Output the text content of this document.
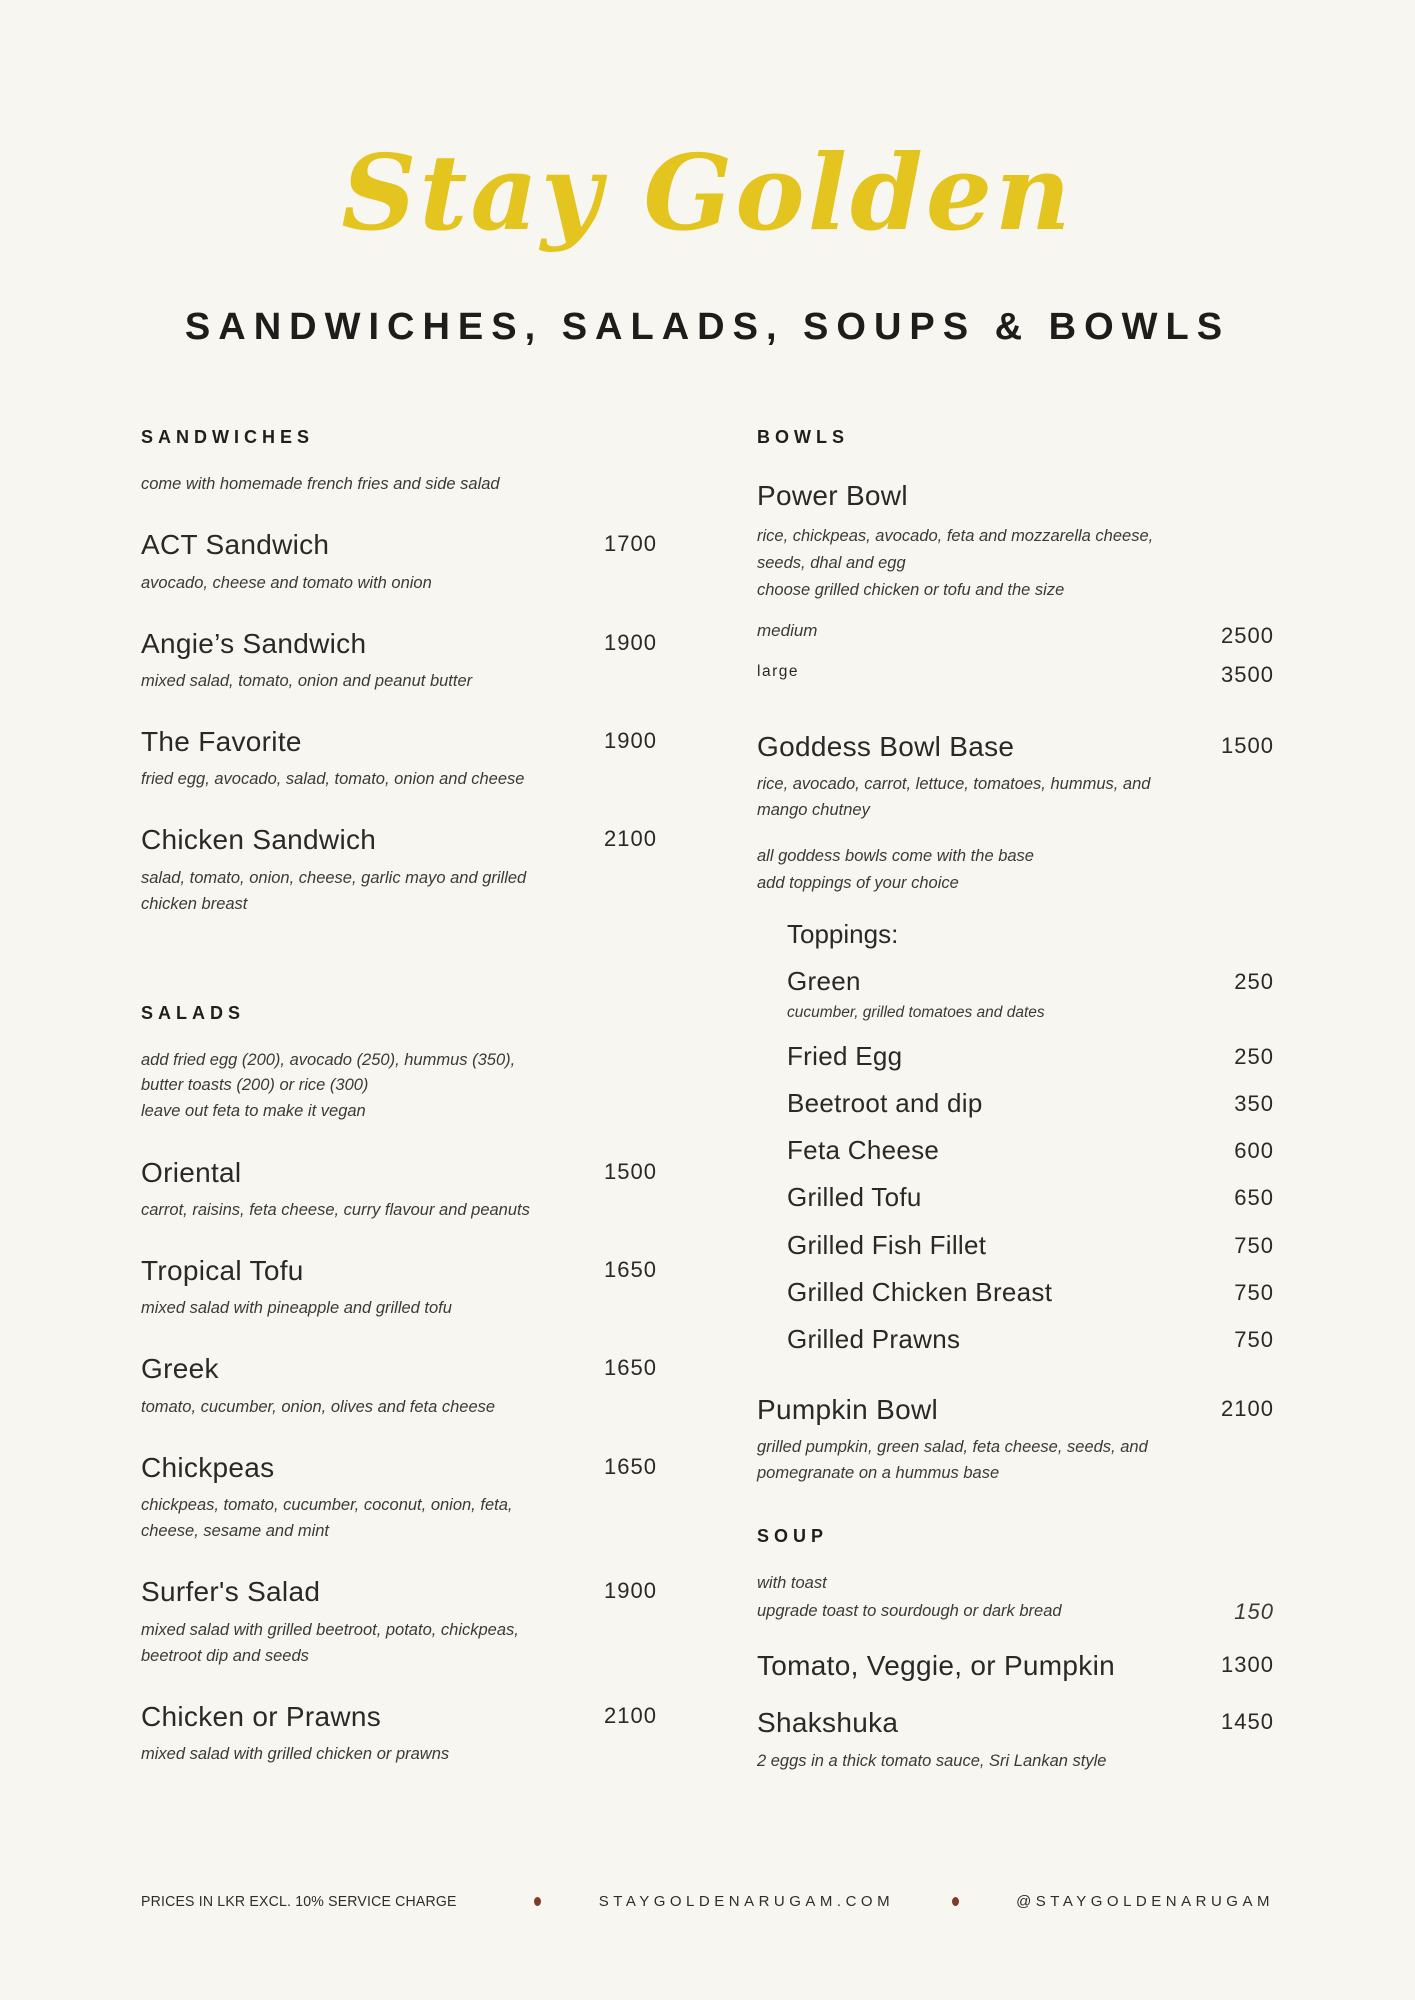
Stay Golden
SANDWICHES, SALADS, SOUPS & BOWLS
SANDWICHES
come with homemade french fries and side salad
ACT Sandwich	1700
avocado, cheese and tomato with onion
Angie’s Sandwich	1900
mixed salad, tomato, onion and peanut butter
The Favorite	1900
fried egg, avocado, salad, tomato, onion and cheese
Chicken Sandwich	2100
salad, tomato, onion, cheese, garlic mayo and grilled
chicken breast
SALADS
add fried egg (200), avocado (250), hummus (350),
butter toasts (200) or rice (300)
leave out feta to make it vegan
Oriental	1500
carrot, raisins, feta cheese, curry flavour and peanuts
Tropical Tofu	1650
mixed salad with pineapple and grilled tofu
Greek	1650
tomato, cucumber, onion, olives and feta cheese
Chickpeas	1650
chickpeas, tomato, cucumber, coconut, onion, feta,
cheese, sesame and mint
Surfer's Salad	1900
mixed salad with grilled beetroot, potato, chickpeas,
beetroot dip and seeds
Chicken or Prawns	2100
mixed salad with grilled chicken or prawns
BOWLS
Power Bowl
rice, chickpeas, avocado, feta and mozzarella cheese,
seeds, dhal and egg
choose grilled chicken or tofu and the size
medium	2500
large	3500
Goddess Bowl Base	1500
rice, avocado, carrot, lettuce, tomatoes, hummus, and
mango chutney
all goddess bowls come with the base
add toppings of your choice
Toppings:
Green	250
cucumber, grilled tomatoes and dates
Fried Egg	250
Beetroot and dip	350
Feta Cheese	600
Grilled Tofu	650
Grilled Fish Fillet	750
Grilled Chicken Breast	750
Grilled Prawns	750
Pumpkin Bowl	2100
grilled pumpkin, green salad, feta cheese, seeds, and
pomegranate on a hummus base
SOUP
with toast
upgrade toast to sourdough or dark bread	150
Tomato, Veggie, or Pumpkin	1300
Shakshuka	1450
2 eggs in a thick tomato sauce, Sri Lankan style
PRICES IN LKR EXCL. 10% SERVICE CHARGE	STAYGOLDENARUGAM.COM	@STAYGOLDENARUGAM
